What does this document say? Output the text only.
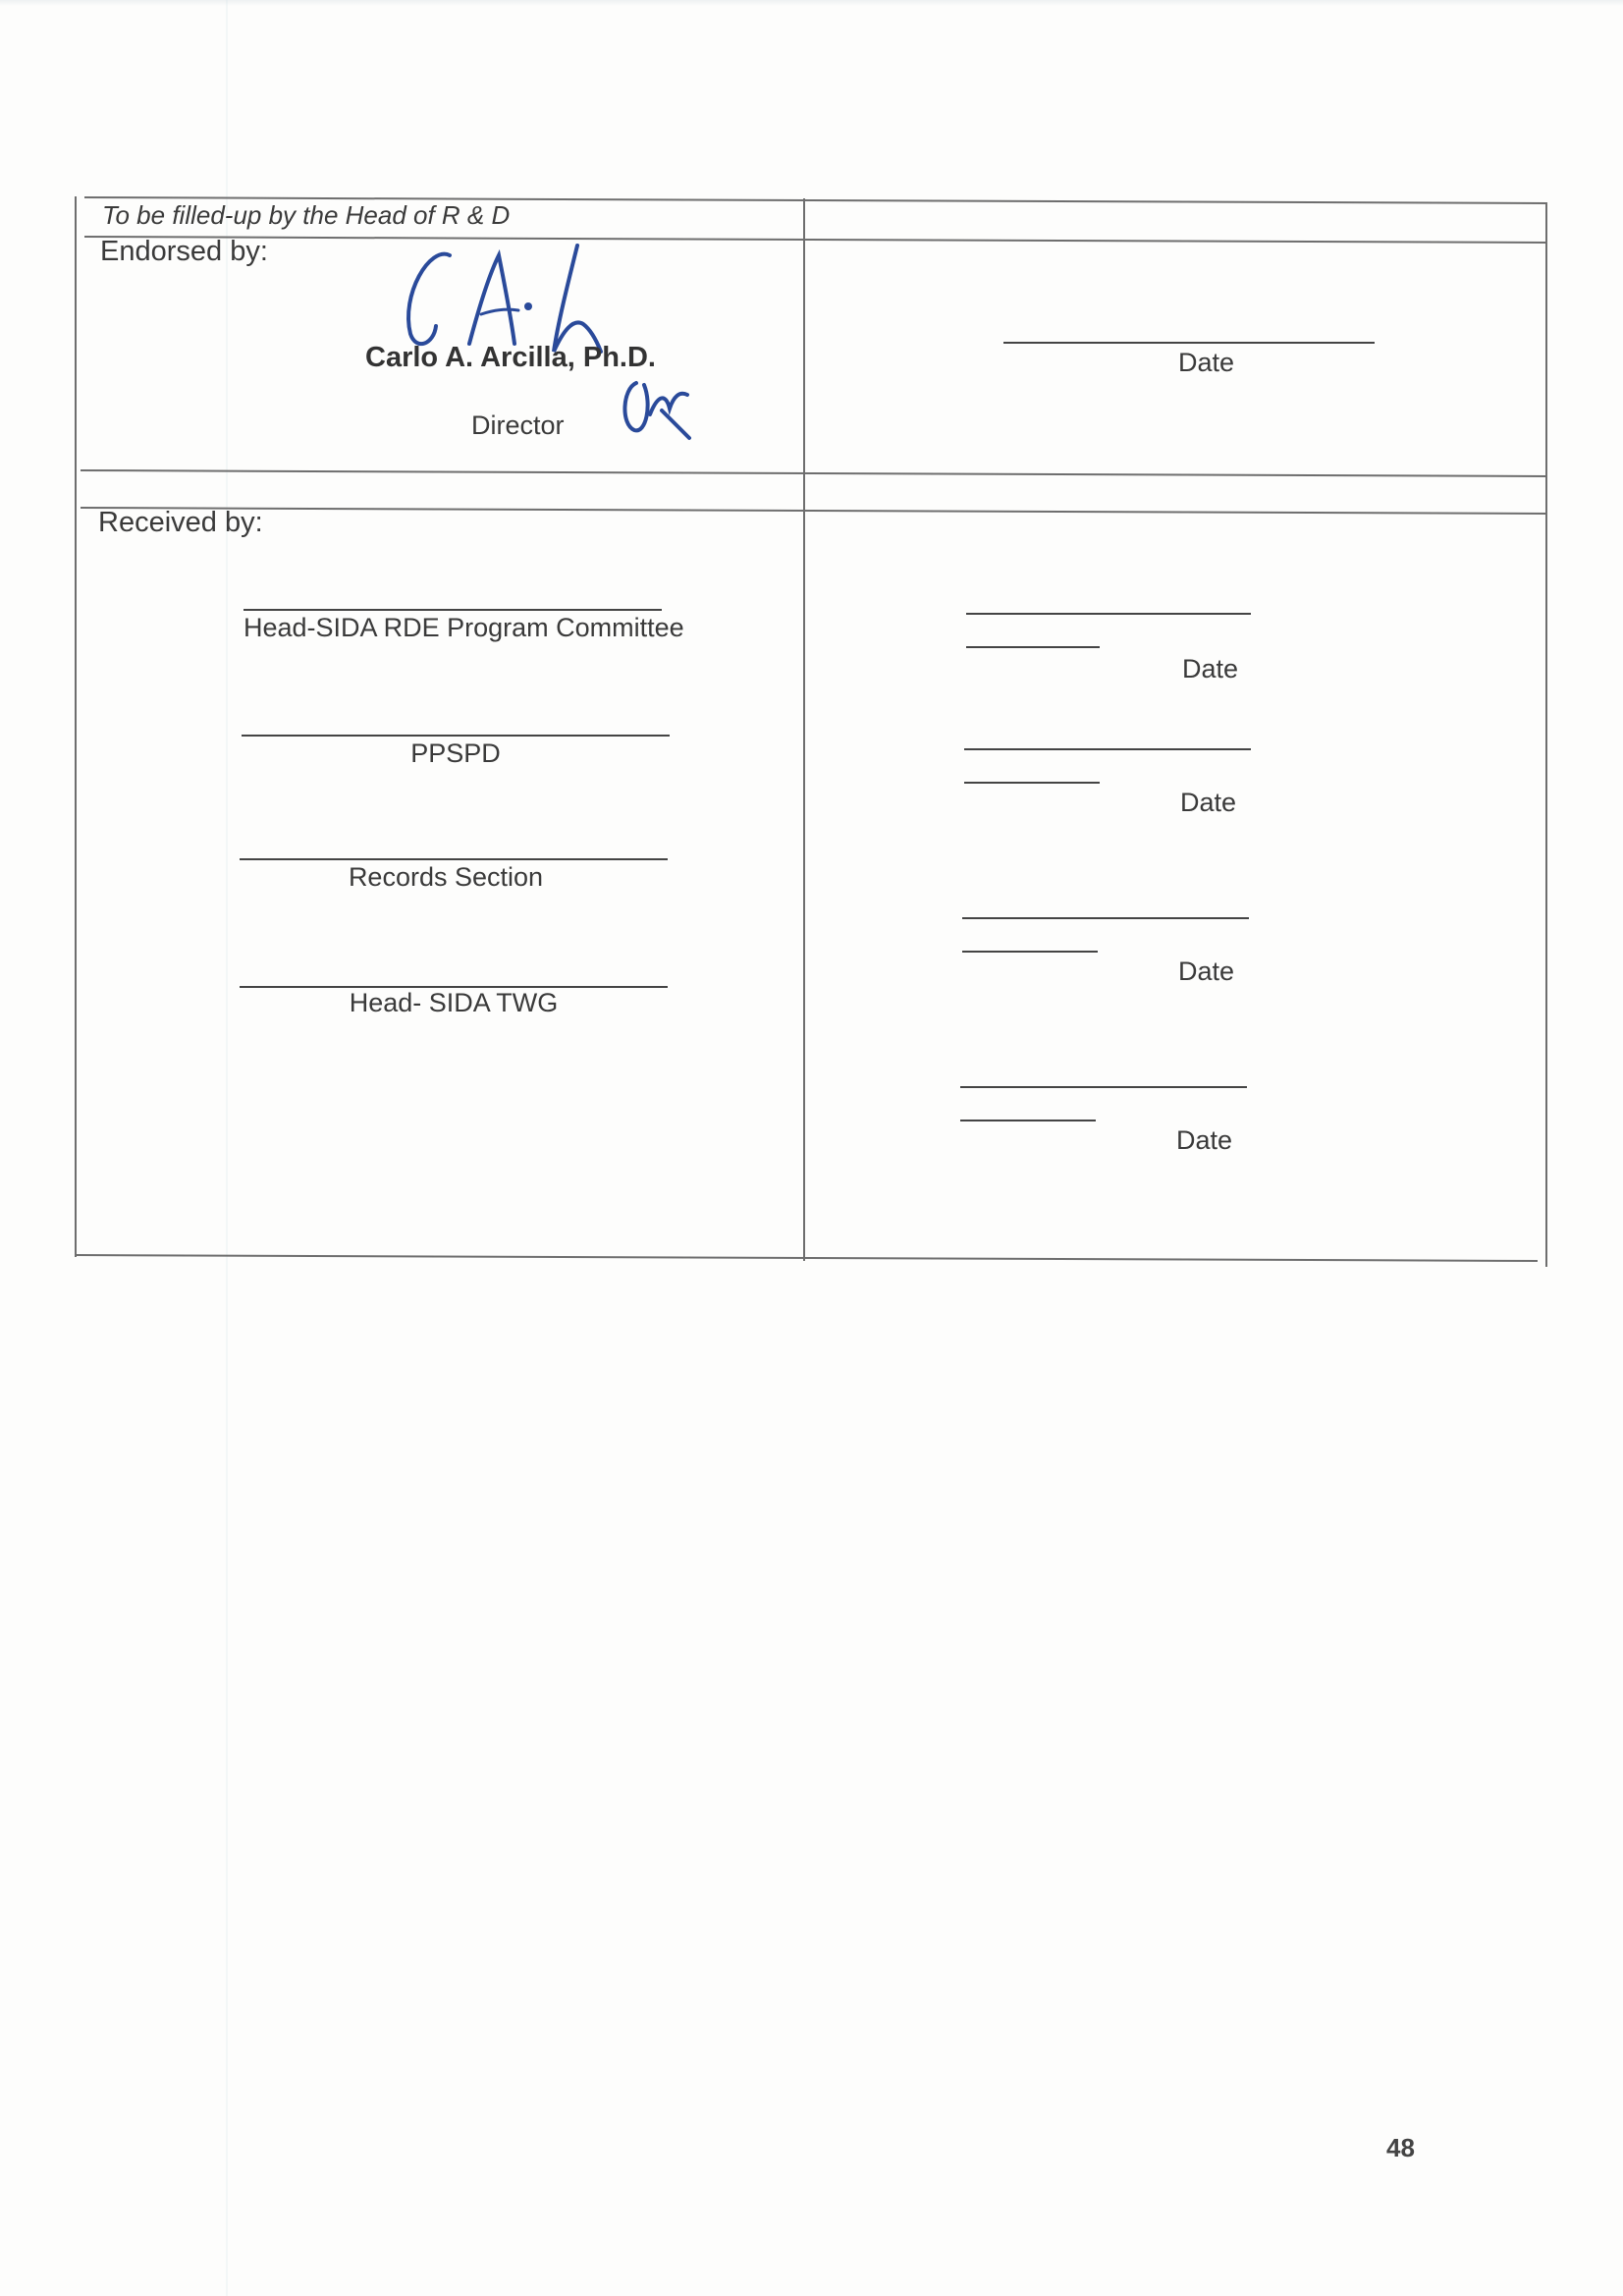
To be filled-up by the Head of R & D
Endorsed by:
Carlo A. Arcilla, Ph.D.
Director
Date
Received by:
Head-SIDA RDE Program Committee
Date
PPSPD
Date
Records Section
Date
Head- SIDA TWG
Date
48
